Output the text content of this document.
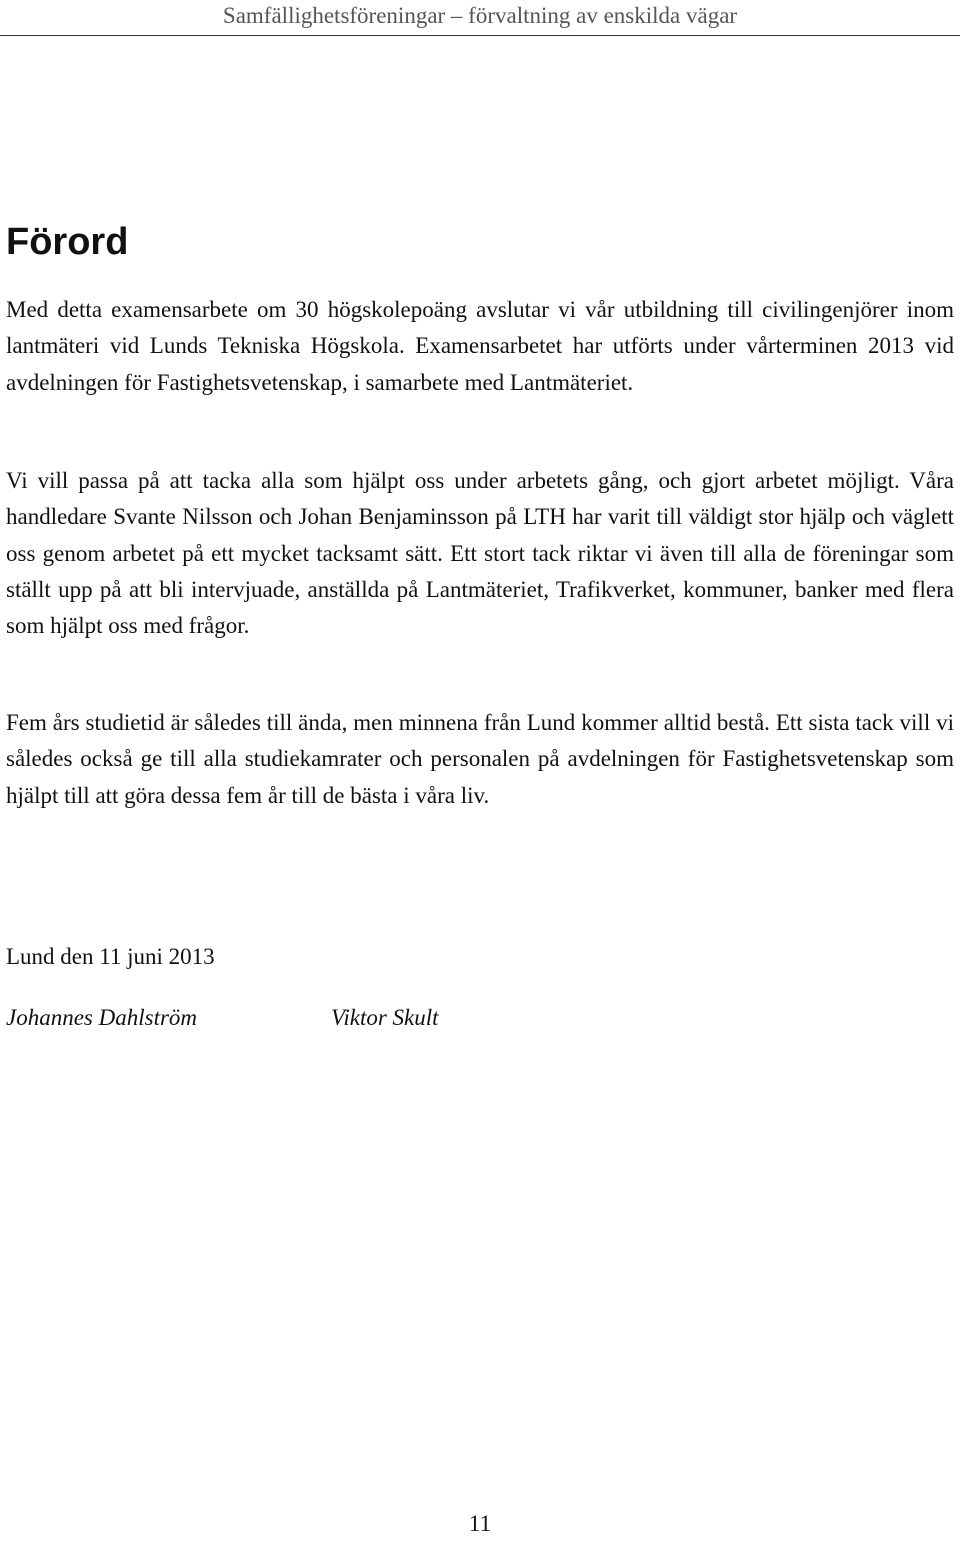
Samfällighetsföreningar – förvaltning av enskilda vägar
Förord

Med detta examensarbete om 30 högskolepoäng avslutar vi vår utbildning till civilingenjörer inom lantmäteri vid Lunds Tekniska Högskola. Examensarbetet har utförts under vårterminen 2013 vid avdelningen för Fastighetsvetenskap, i samarbete med Lantmäteriet.

Vi vill passa på att tacka alla som hjälpt oss under arbetets gång, och gjort arbetet möjligt. Våra handledare Svante Nilsson och Johan Benjaminsson på LTH har varit till väldigt stor hjälp och väglett oss genom arbetet på ett mycket tacksamt sätt. Ett stort tack riktar vi även till alla de föreningar som ställt upp på att bli intervjuade, anställda på Lantmäteriet, Trafikverket, kommuner, banker med flera som hjälpt oss med frågor.

Fem års studietid är således till ända, men minnena från Lund kommer alltid bestå. Ett sista tack vill vi således också ge till alla studiekamrater och personalen på avdelningen för Fastighetsvetenskap som hjälpt till att göra dessa fem år till de bästa i våra liv.

Lund den 11 juni 2013

Johannes Dahlström	Viktor Skult

11
